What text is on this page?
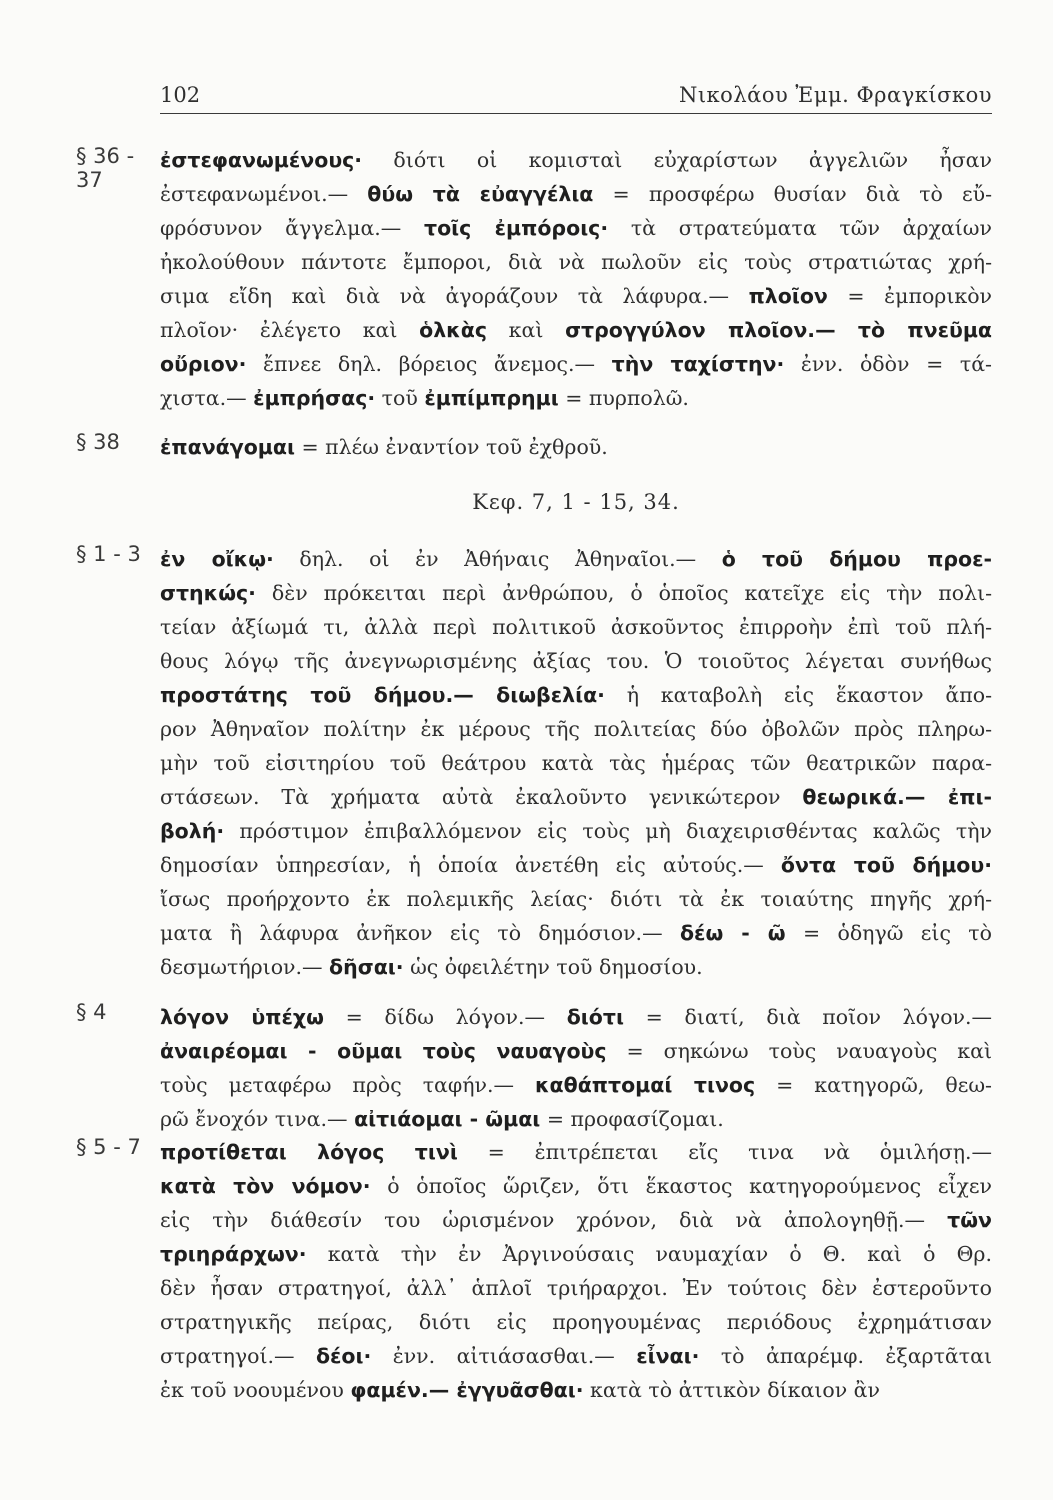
102	Νικολάου Ἐμμ. Φραγκίσκου
§ 36 - 37
§ 38
§ 1 - 3
§ 4
§ 5 - 7
Κεφ. 7, 1 - 15, 34.
ἐστεφανωμένους· διότι οἱ κομισταὶ εὐχαρίστων ἀγγελιῶν ἦσαν
ἐστεφανωμένοι.— θύω τὰ εὐαγγέλια = προσφέρω θυσίαν διὰ τὸ εὔ-
φρόσυνον ἄγγελμα.— τοῖς ἐμπόροις· τὰ στρατεύματα τῶν ἀρχαίων
ἠκολούθουν πάντοτε ἔμποροι, διὰ νὰ πωλοῦν εἰς τοὺς στρατιώτας χρή-
σιμα εἴδη καὶ διὰ νὰ ἀγοράζουν τὰ λάφυρα.— πλοῖον = ἐμπορικὸν
πλοῖον· ἐλέγετο καὶ ὁλκὰς καὶ στρογγύλον πλοῖον.— τὸ πνεῦμα
οὔριον· ἔπνεε δηλ. βόρειος ἄνεμος.— τὴν ταχίστην· ἐνν. ὁδὸν = τά-
χιστα.— ἐμπρήσας· τοῦ ἐμπίμπρημι = πυρπολῶ.
ἐπανάγομαι = πλέω ἐναντίον τοῦ ἐχθροῦ.
ἐν οἴκῳ· δηλ. οἱ ἐν Ἀθήναις Ἀθηναῖοι.— ὁ τοῦ δήμου προε-
στηκώς· δὲν πρόκειται περὶ ἀνθρώπου, ὁ ὁποῖος κατεῖχε εἰς τὴν πολι-
τείαν ἀξίωμά τι, ἀλλὰ περὶ πολιτικοῦ ἀσκοῦντος ἐπιρροὴν ἐπὶ τοῦ πλή-
θους λόγῳ τῆς ἀνεγνωρισμένης ἀξίας του. Ὁ τοιοῦτος λέγεται συνήθως
προστάτης τοῦ δήμου.— διωβελία· ἡ καταβολὴ εἰς ἕκαστον ἄπο-
ρον Ἀθηναῖον πολίτην ἐκ μέρους τῆς πολιτείας δύο ὀβολῶν πρὸς πληρω-
μὴν τοῦ εἰσιτηρίου τοῦ θεάτρου κατὰ τὰς ἡμέρας τῶν θεατρικῶν παρα-
στάσεων. Τὰ χρήματα αὐτὰ ἐκαλοῦντο γενικώτερον θεωρικά.— ἐπι-
βολή· πρόστιμον ἐπιβαλλόμενον εἰς τοὺς μὴ διαχειρισθέντας καλῶς τὴν
δημοσίαν ὑπηρεσίαν, ἡ ὁποία ἀνετέθη εἰς αὐτούς.— ὄντα τοῦ δήμου·
ἴσως προήρχοντο ἐκ πολεμικῆς λείας· διότι τὰ ἐκ τοιαύτης πηγῆς χρή-
ματα ἢ λάφυρα ἀνῆκον εἰς τὸ δημόσιον.— δέω - ῶ = ὁδηγῶ εἰς τὸ
δεσμωτήριον.— δῆσαι· ὡς ὀφειλέτην τοῦ δημοσίου.
λόγον ὑπέχω = δίδω λόγον.— διότι = διατί, διὰ ποῖον λόγον.—
ἀναιρέομαι - οῦμαι τοὺς ναυαγοὺς = σηκώνω τοὺς ναυαγοὺς καὶ
τοὺς μεταφέρω πρὸς ταφήν.— καθάπτομαί τινος = κατηγορῶ, θεω-
ρῶ ἔνοχόν τινα.— αἰτιάομαι - ῶμαι = προφασίζομαι.
προτίθεται λόγος τινὶ = ἐπιτρέπεται εἴς τινα νὰ ὁμιλήσῃ.—
κατὰ τὸν νόμον· ὁ ὁποῖος ὥριζεν, ὅτι ἕκαστος κατηγορούμενος εἶχεν
εἰς τὴν διάθεσίν του ὡρισμένον χρόνον, διὰ νὰ ἀπολογηθῇ.— τῶν
τριηράρχων· κατὰ τὴν ἐν Ἀργινούσαις ναυμαχίαν ὁ Θ. καὶ ὁ Θρ.
δὲν ἦσαν στρατηγοί, ἀλλ᾿ ἁπλοῖ τριήραρχοι. Ἐν τούτοις δὲν ἐστεροῦντο
στρατηγικῆς πείρας, διότι εἰς προηγουμένας περιόδους ἐχρημάτισαν
στρατηγοί.— δέοι· ἐνν. αἰτιάσασθαι.— εἶναι· τὸ ἀπαρέμφ. ἐξαρτᾶται
ἐκ τοῦ νοουμένου φαμέν.— ἐγγυᾶσθαι· κατὰ τὸ ἀττικὸν δίκαιον ἂν
